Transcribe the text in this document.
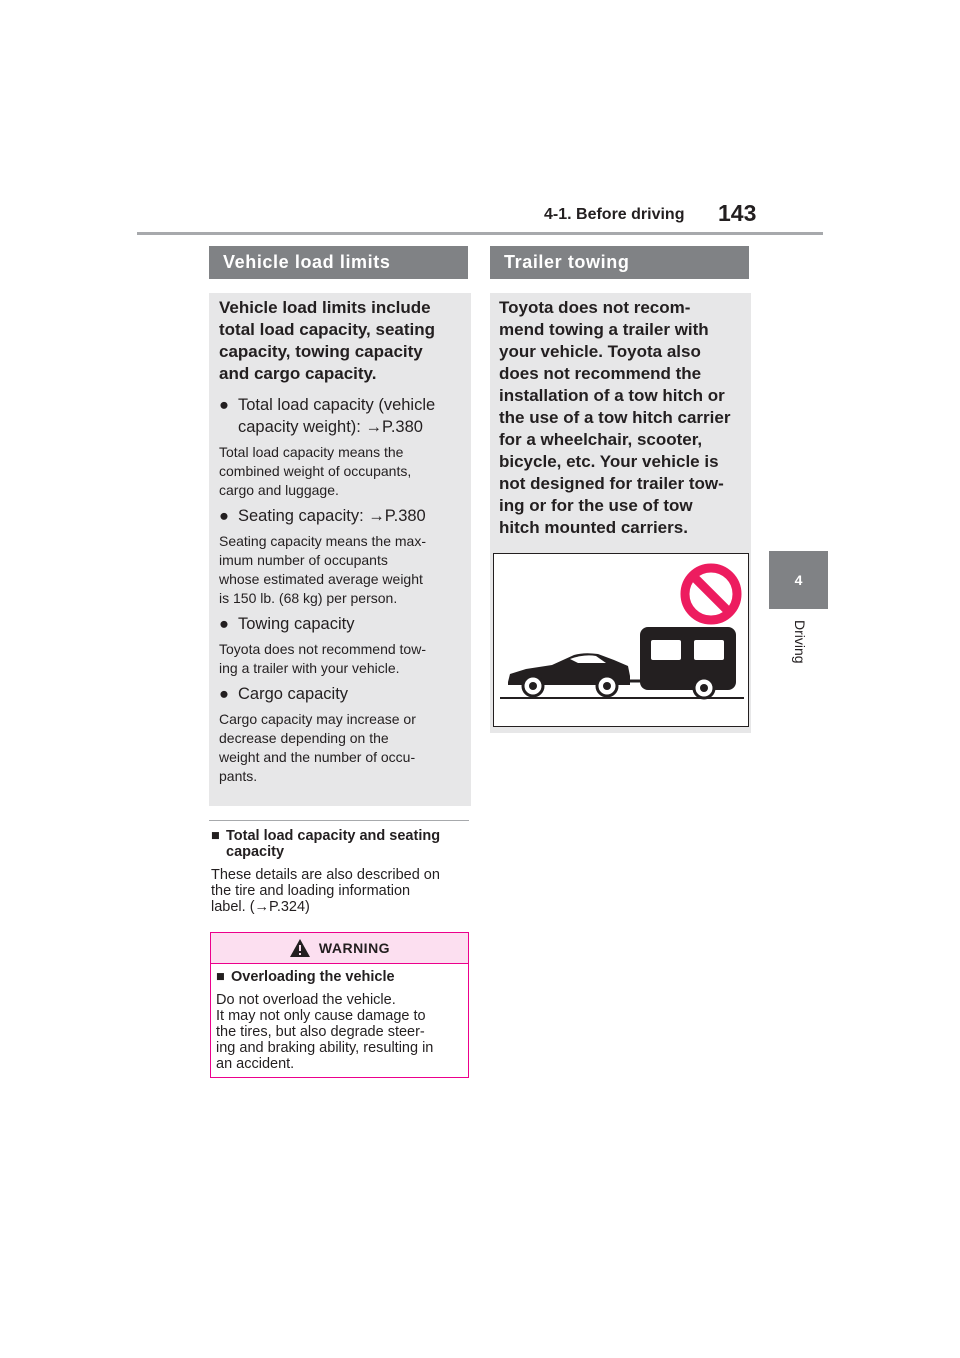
4-1. Before driving 143
4
Driving
Vehicle load limits
Vehicle load limits include
total load capacity, seating
capacity, towing capacity
and cargo capacity.
● Total load capacity (vehicle
capacity weight): →P.380
Total load capacity means the
combined weight of occupants,
cargo and luggage.
● Seating capacity: →P.380
Seating capacity means the max-
imum number of occupants
whose estimated average weight
is 150 lb. (68 kg) per person.
● Towing capacity
Toyota does not recommend tow-
ing a trailer with your vehicle.
● Cargo capacity
Cargo capacity may increase or
decrease depending on the
weight and the number of occu-
pants.
■ Total load capacity and seating
capacity
These details are also described on
the tire and loading information
label. (→P.324)
WARNING
■ Overloading the vehicle
Do not overload the vehicle.
It may not only cause damage to
the tires, but also degrade steer-
ing and braking ability, resulting in
an accident.
Trailer towing
Toyota does not recom-
mend towing a trailer with
your vehicle. Toyota also
does not recommend the
installation of a tow hitch or
the use of a tow hitch carrier
for a wheelchair, scooter,
bicycle, etc. Your vehicle is
not designed for trailer tow-
ing or for the use of tow
hitch mounted carriers.
